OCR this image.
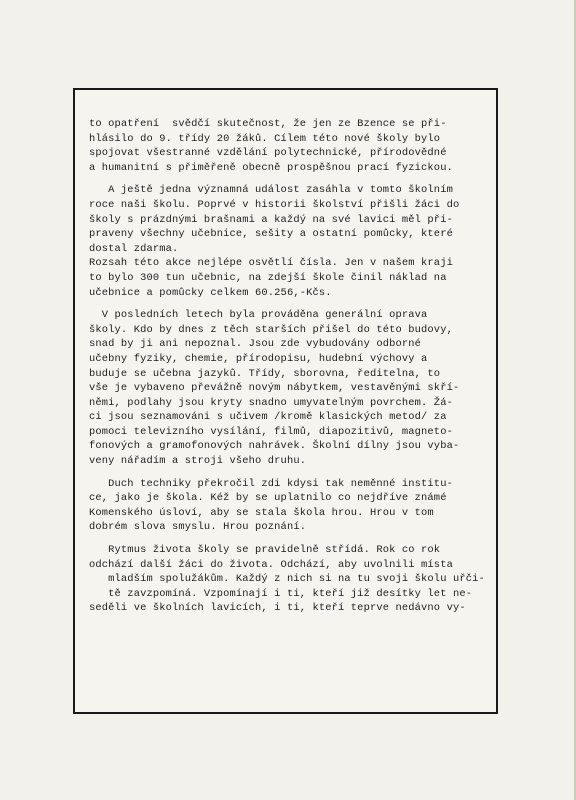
to opatření  svědčí skutečnost, že jen ze Bzence se při-
hlásilo do 9. třídy 20 žáků. Cílem této nové školy bylo
spojovat všestranné vzdělání polytechnické, přírodovědné
a humanitní s přiměřeně obecně prospěšnou prací fyzickou.
A ještě jedna významná událost zasáhla v tomto školním
roce naši školu. Poprvé v historii školství přišli žáci do
školy s prázdnými brašnami a každý na své lavici měl při-
praveny všechny učebnice, sešity a ostatní pomůcky, které
dostal zdarma.
Rozsah této akce nejlépe osvětlí čísla. Jen v našem kraji
to bylo 300 tun učebnic, na zdejší škole činil náklad na
učebnice a pomůcky celkem 60.256,-Kčs.
V posledních letech byla prováděna generální oprava
školy. Kdo by dnes z těch starších přišel do této budovy,
snad by ji ani nepoznal. Jsou zde vybudovány odborné
učebny fyziky, chemie, přírodopisu, hudební výchovy a
buduje se učebna jazyků. Třídy, sborovna, ředitelna, to
vše je vybaveno převážně novým nábytkem, vestavěnými skří-
němi, podlahy jsou kryty snadno umyvatelným povrchem. Žá-
ci jsou seznamováni s učivem /kromě klasických metod/ za
pomoci televizního vysílání, filmů, diapozitivů, magneto-
fonových a gramofonových nahrávek. Školní dílny jsou vyba-
veny nářadím a stroji všeho druhu.
Duch techniky překročil zdi kdysi tak neměnné institu-
ce, jako je škola. Kéž by se uplatnilo co nejdříve známé
Komenského úsloví, aby se stala škola hrou. Hrou v tom
dobrém slova smyslu. Hrou poznání.
Rytmus života školy se pravidelně střídá. Rok co rok
odchází další žáci do života. Odchází, aby uvolnili místa
mladším spolužákům. Každý z nich si na tu svoji školu uřči-
tě zavzpomíná. Vzpomínají i ti, kteří již desítky let ne-
seděli ve školních lavicích, i ti, kteří teprve nedávno vy-
